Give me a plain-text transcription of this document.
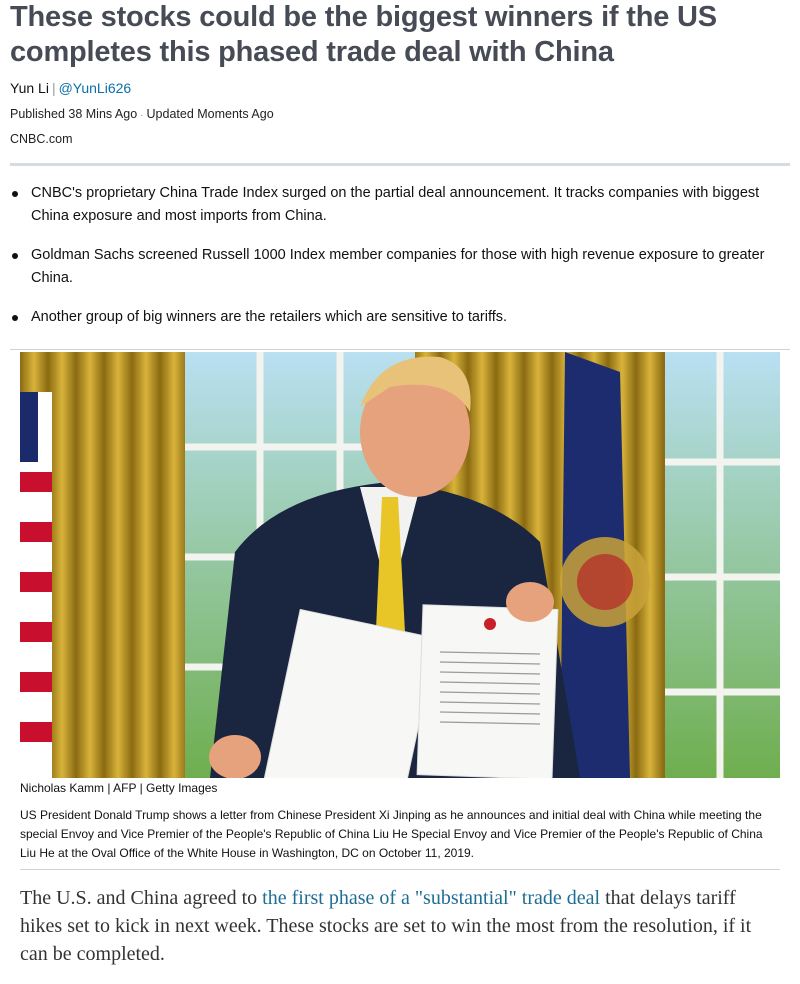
These stocks could be the biggest winners if the US completes this phased trade deal with China
Yun Li | @YunLi626
Published 38 Mins Ago · Updated Moments Ago
CNBC.com
CNBC's proprietary China Trade Index surged on the partial deal announcement. It tracks companies with biggest China exposure and most imports from China.
Goldman Sachs screened Russell 1000 Index member companies for those with high revenue exposure to greater China.
Another group of big winners are the retailers which are sensitive to tariffs.
Nicholas Kamm | AFP | Getty Images

US President Donald Trump shows a letter from Chinese President Xi Jinping as he announces and initial deal with China while meeting the special Envoy and Vice Premier of the People's Republic of China Liu He Special Envoy and Vice Premier of the People's Republic of China Liu He at the Oval Office of the White House in Washington, DC on October 11, 2019.

The U.S. and China agreed to the first phase of a "substantial" trade deal that delays tariff hikes set to kick in next week. These stocks are set to win the most from the resolution, if it can be completed.
